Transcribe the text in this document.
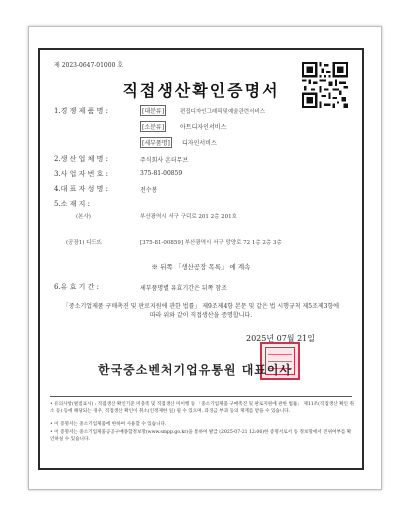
제 2023-0647-01000 호
직접생산확인증명서
1.경 쟁 제 품 명 :	[대분류]	편집디자인그래픽및예술관련서비스
[소분류]	아트디자인서비스
[세부품명]	디자인서비스
2.생 산 업 체 명 :	주식회사 온더무브
3.사 업 자 번 호 :	375-81-00859
4.대 표 자 성 명 :	전수봉
5.소 재 지 :
(본사)	부산광역시 서구 구덕로 201 2층 201호
(공장1) 디드뜨	[375-81-00859] 부산광역시 서구 망양로 72 1층 2층 3층
※ 뒤쪽 「생산공장 목록」 에 계속
6.유 효 기 간 :	세부품명별 유효기간은 뒤쪽 참조
「중소기업제품 구매촉진 및 판로지원에 관한 법률」 제9조제4항 본문 및 같은 법 시행규칙 제5조제3항에 따라 위와 같이 직접생산을 증명합니다.
2025년 07월 21일
한국중소벤처기업유통원 대표이사
• 유의사항(벌점표시) : 직접생산 확인기준 미충족 및 직접생산 미이행 등 「중소기업제품 구매촉진 및 판로지원에 관한 법률」 제11조(직접생산 확인 취소 등) 등에 해당되는 경우, 직접생산 확인이 취소(인정제한 일) 될 수 있으며, 과징금 부과 등의 제재를 받을 수 있습니다.
• 이 증명서는 중소기업제품에 한하여 사용할 수 있습니다.
• 이 증명서는 중소기업제품공공구매종합정보망(www.smpp.go.kr)을 통하여 발급 (2025-07-21 12:06)한 증명서로서 동 정보망에서 진위여부를 확인하실 수 있습니다.
